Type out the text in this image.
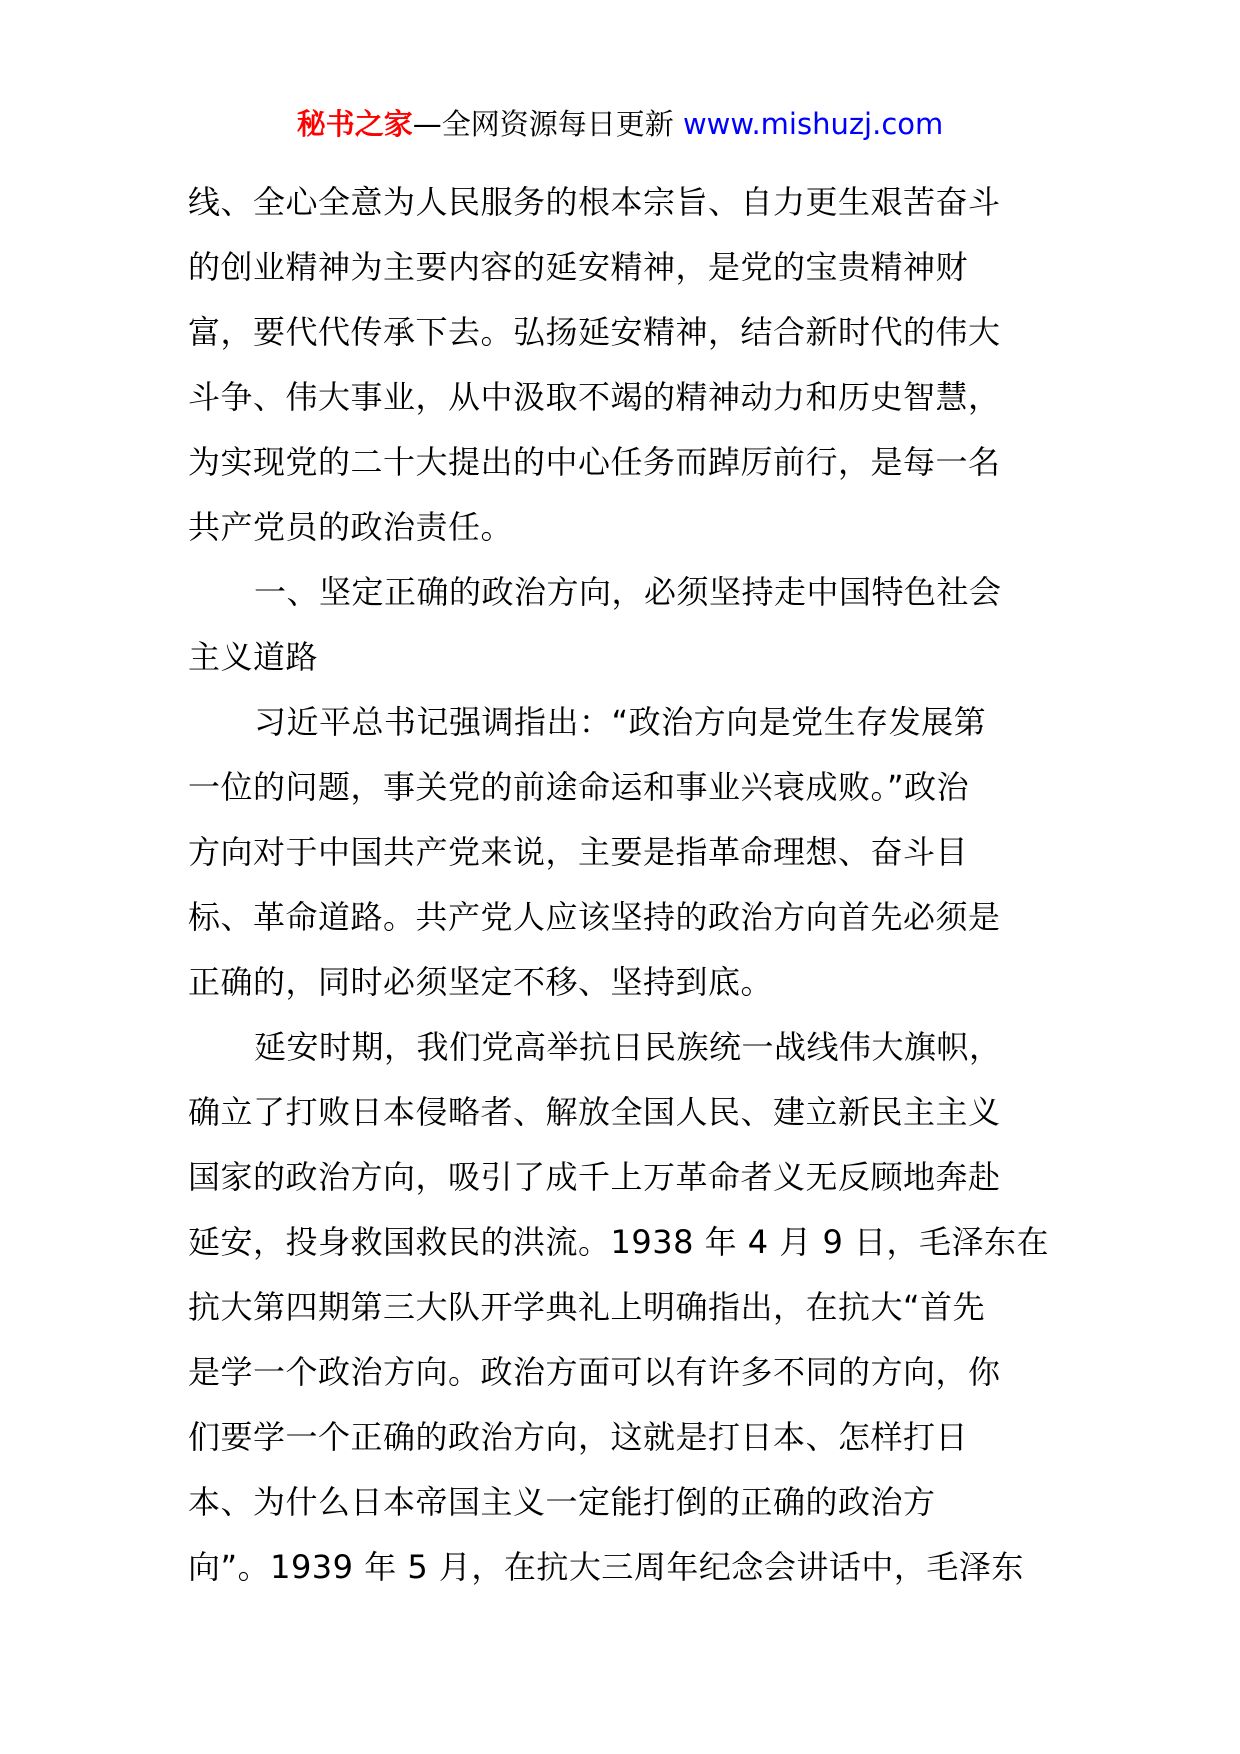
秘书之家—全网资源每日更新 www.mishuzj.com
线、全心全意为人民服务的根本宗旨、自力更生艰苦奋斗
的创业精神为主要内容的延安精神，是党的宝贵精神财
富，要代代传承下去。弘扬延安精神，结合新时代的伟大
斗争、伟大事业，从中汲取不竭的精神动力和历史智慧，
为实现党的二十大提出的中心任务而踔厉前行，是每一名
共产党员的政治责任。
一、坚定正确的政治方向，必须坚持走中国特色社会
主义道路
习近平总书记强调指出：“政治方向是党生存发展第
一位的问题，事关党的前途命运和事业兴衰成败。”政治
方向对于中国共产党来说，主要是指革命理想、奋斗目
标、革命道路。共产党人应该坚持的政治方向首先必须是
正确的，同时必须坚定不移、坚持到底。
延安时期，我们党高举抗日民族统一战线伟大旗帜，
确立了打败日本侵略者、解放全国人民、建立新民主主义
国家的政治方向，吸引了成千上万革命者义无反顾地奔赴
延安，投身救国救民的洪流。1938 年 4 月 9 日，毛泽东在
抗大第四期第三大队开学典礼上明确指出，在抗大“首先
是学一个政治方向。政治方面可以有许多不同的方向，你
们要学一个正确的政治方向，这就是打日本、怎样打日
本、为什么日本帝国主义一定能打倒的正确的政治方
向”。1939 年 5 月，在抗大三周年纪念会讲话中，毛泽东
